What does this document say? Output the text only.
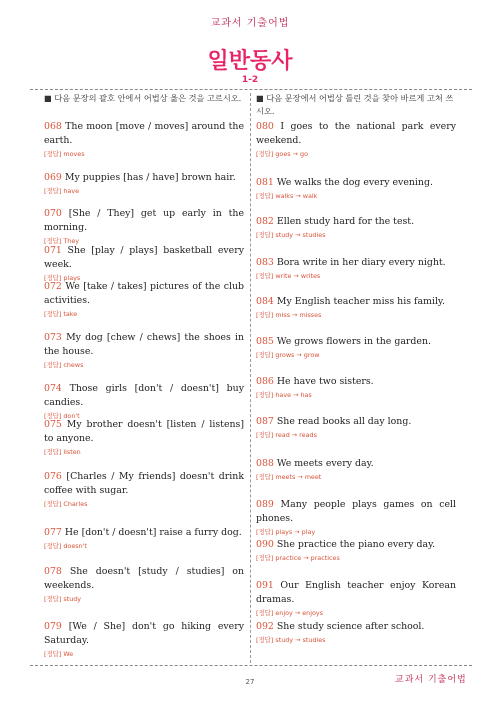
교과서 기출어법
일반동사
1-2

■ 다음 문장의 괄호 안에서 어법상 옳은 것을 고르시오.

068 The moon [move / moves] around the earth.

[정답] moves

069 My puppies [has / have] brown hair.

[정답] have

070 [She / They] get up early in the morning.

[정답] They

071 She [play / plays] basketball every week.

[정답] plays

072 We [take / takes] pictures of the club activities.

[정답] take

073 My dog [chew / chews] the shoes in the house.

[정답] chews

074 Those girls [don't / doesn't] buy candies.

[정답] don't

075 My brother doesn't [listen / listens] to anyone.

[정답] listen

076 [Charles / My friends] doesn't drink coffee with sugar.

[정답] Charles

077 He [don't / doesn't] raise a furry dog.

[정답] doesn't

078 She doesn't [study / studies] on weekends.

[정답] study

079 [We / She] don't go hiking every Saturday.

[정답] We

■ 다음 문장에서 어법상 틀린 것을 찾아 바르게 고쳐 쓰시오.

080 I goes to the national park every weekend.

[정답] goes → go

081 We walks the dog every evening.

[정답] walks → walk

082 Ellen study hard for the test.

[정답] study → studies

083 Bora write in her diary every night.

[정답] write → writes

084 My English teacher miss his family.

[정답] miss → misses

085 We grows flowers in the garden.

[정답] grows → grow

086 He have two sisters.

[정답] have → has

087 She read books all day long.

[정답] read → reads

088 We meets every day.

[정답] meets → meet

089 Many people plays games on cell phones.

[정답] plays → play

090 She practice the piano every day.

[정답] practice → practices

091 Our English teacher enjoy Korean dramas.

[정답] enjoy → enjoys

092 She study science after school.

[정답] study → studies
27	교과서 기출어법
